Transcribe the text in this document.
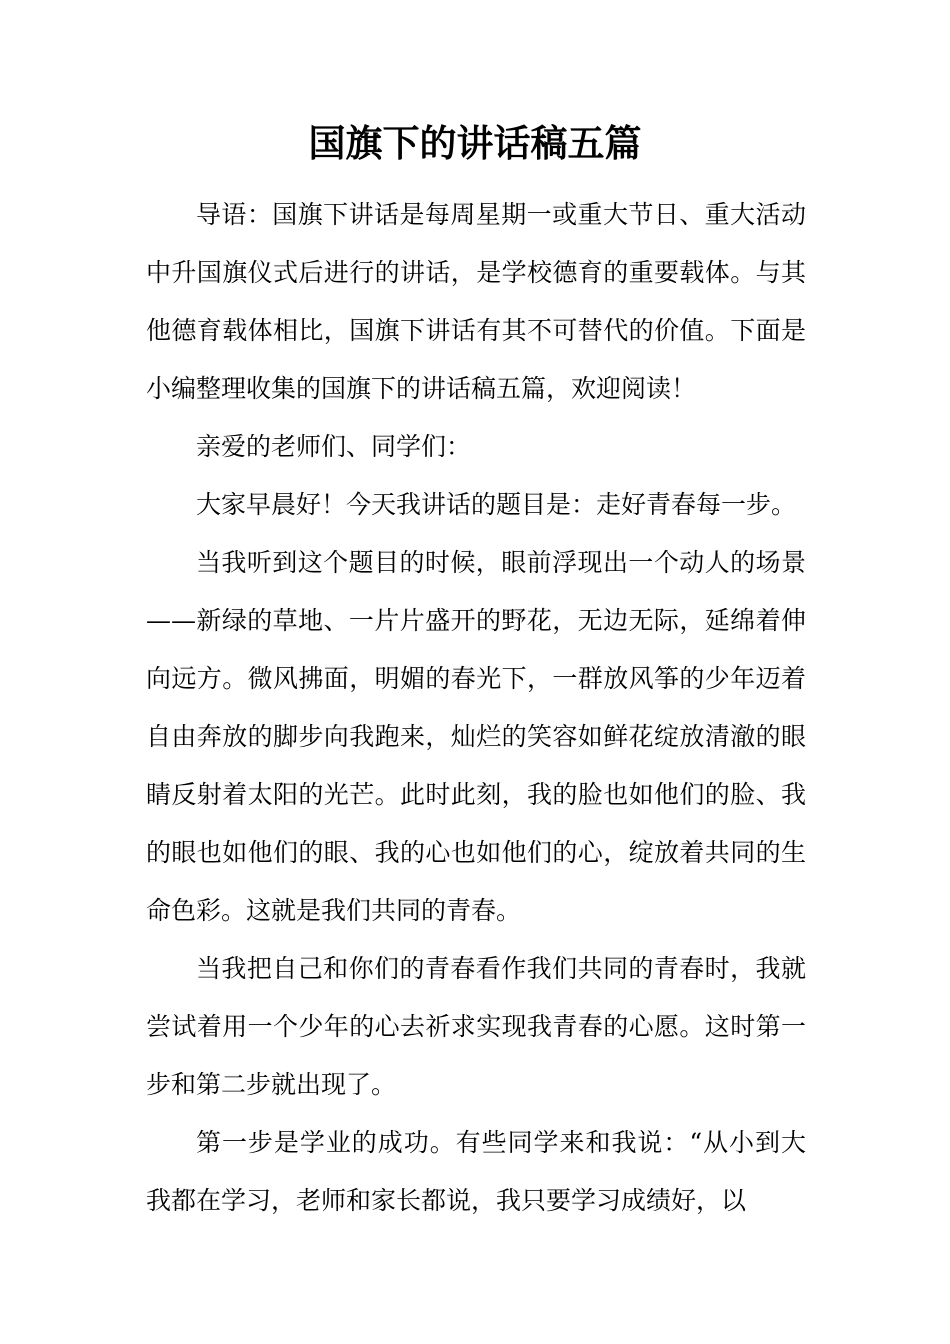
国旗下的讲话稿五篇

导语：国旗下讲话是每周星期一或重大节日、重大活动中升国旗仪式后进行的讲话，是学校德育的重要载体。与其他德育载体相比，国旗下讲话有其不可替代的价值。下面是小编整理收集的国旗下的讲话稿五篇，欢迎阅读！

亲爱的老师们、同学们：

大家早晨好！今天我讲话的题目是：走好青春每一步。

当我听到这个题目的时候，眼前浮现出一个动人的场景——新绿的草地、一片片盛开的野花，无边无际，延绵着伸向远方。微风拂面，明媚的春光下，一群放风筝的少年迈着自由奔放的脚步向我跑来，灿烂的笑容如鲜花绽放清澈的眼睛反射着太阳的光芒。此时此刻，我的脸也如他们的脸、我的眼也如他们的眼、我的心也如他们的心，绽放着共同的生命色彩。这就是我们共同的青春。

当我把自己和你们的青春看作我们共同的青春时，我就尝试着用一个少年的心去祈求实现我青春的心愿。这时第一步和第二步就出现了。

第一步是学业的成功。有些同学来和我说：“从小到大我都在学习，老师和家长都说，我只要学习成绩好，以
